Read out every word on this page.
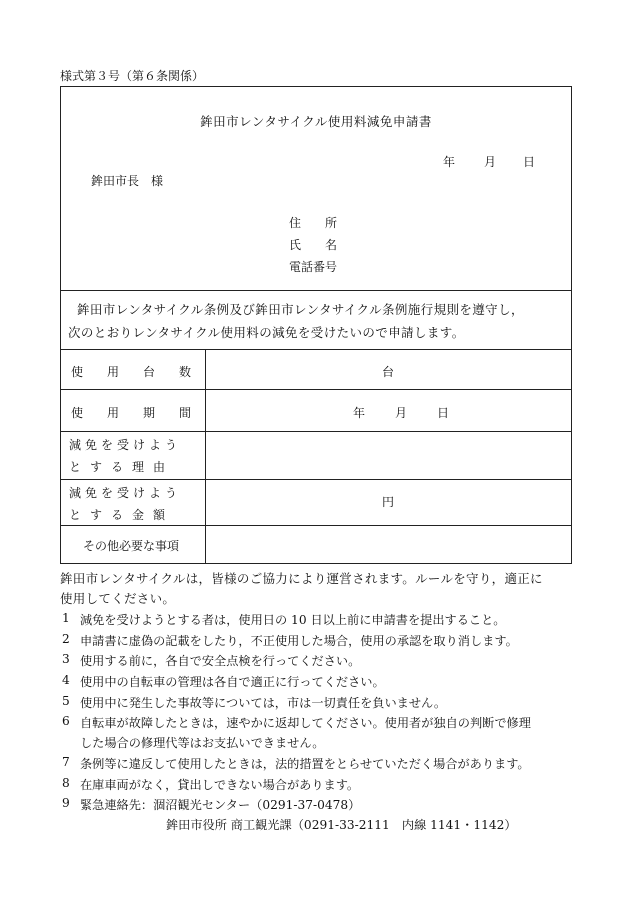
様式第３号（第６条関係）
鉾田市レンタサイクル使用料減免申請書
年 月 日
鉾田市長　様
住　　所
氏　　名
電話番号
鉾田市レンタサイクル条例及び鉾田市レンタサイクル条例施行規則を遵守し，
次のとおりレンタサイクル使用料の減免を受けたいので申請します。
使　　用　　台　　数	台
使　　用　　期　　間	年 月 日
減免を受けよう
とする理由
減免を受けよう
とする金額
円
その他必要な事項
鉾田市レンタサイクルは，皆様のご協力により運営されます。ルールを守り，適正に
使用してください。
1 減免を受けようとする者は，使用日の 10 日以上前に申請書を提出すること。
2 申請書に虚偽の記載をしたり，不正使用した場合，使用の承認を取り消します。
3 使用する前に，各自で安全点検を行ってください。
4 使用中の自転車の管理は各自で適正に行ってください。
5 使用中に発生した事故等については，市は一切責任を負いません。
6 自転車が故障したときは，速やかに返却してください。使用者が独自の判断で修理
した場合の修理代等はお支払いできません。
7 条例等に違反して使用したときは，法的措置をとらせていただく場合があります。
8 在庫車両がなく，貸出しできない場合があります。
9 緊急連絡先：涸沼観光センター（0291-37-0478）
鉾田市役所 商工観光課（0291-33-2111　内線 1141・1142）
